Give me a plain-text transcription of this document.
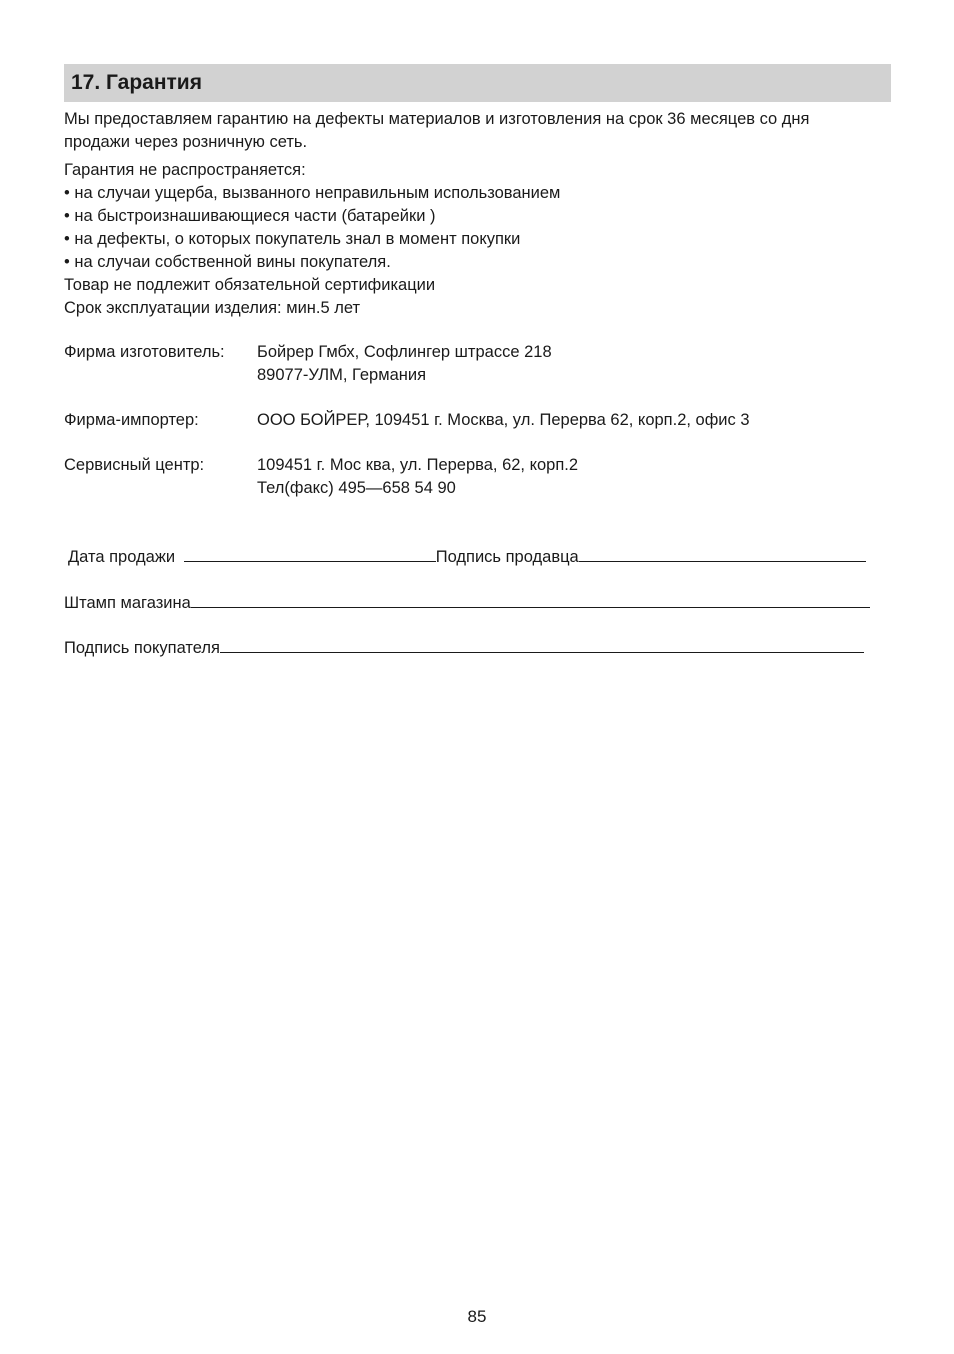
17. Гарантия
Мы предоставляем гарантию на дефекты материалов и изготовления на срок 36 месяцев со дня продажи через розничную сеть.
Гарантия не распространяется:
• на случаи ущерба, вызванного неправильным использованием
• на быстроизнашивающиеся части (батарейки )
• на дефекты, о которых покупатель знал в момент покупки
• на случаи собственной вины покупателя.
Товар не подлежит обязательной сертификации
Срок эксплуатации изделия: мин.5 лет
Фирма изготовитель: Бойрер Гмбх, Софлингер штрассе 218
89077-УЛМ, Германия
Фирма-импортер:	ООО БОЙРЕР, 109451 г. Москва, ул. Перерва 62, корп.2, офис 3
Сервисный центр:	109451 г. Мос ква, ул. Перерва, 62, корп.2
Тел(факс) 495—658 54 90
Дата продажи	Подпись продавца
Штамп магазина
Подпись покупателя
85
